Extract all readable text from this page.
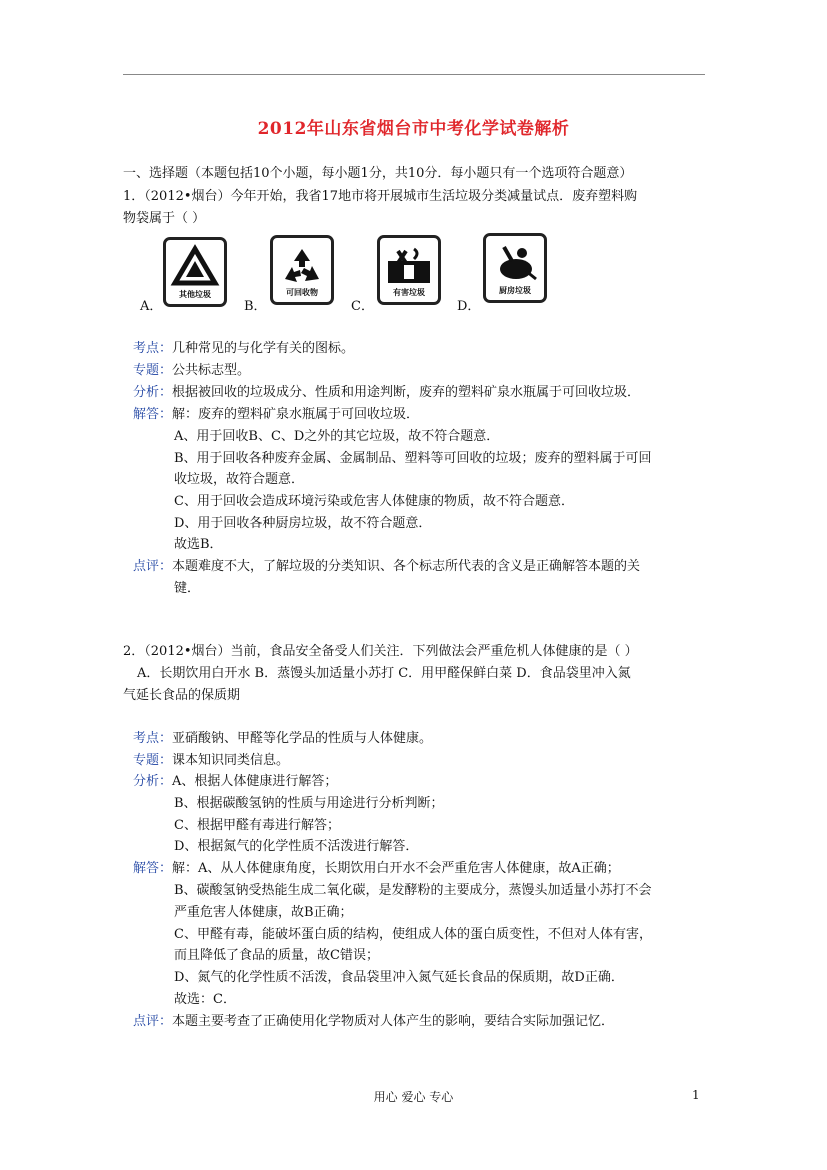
2012年山东省烟台市中考化学试卷解析
一、选择题（本题包括10个小题，每小题1分，共10分．每小题只有一个选项符合题意）
1．（2012•烟台）今年开始，我省17地市将开展城市生活垃圾分类减量试点．废弃塑料购
物袋属于（ ）
A．
其他垃圾
B．
可回收物
C．
有害垃圾
D．
厨房垃圾
考点：几种常见的与化学有关的图标。
专题：公共标志型。
分析：根据被回收的垃圾成分、性质和用途判断，废弃的塑料矿泉水瓶属于可回收垃圾．
解答：解：废弃的塑料矿泉水瓶属于可回收垃圾．
A、用于回收B、C、D之外的其它垃圾，故不符合题意．
B、用于回收各种废弃金属、金属制品、塑料等可回收的垃圾；废弃的塑料属于可回
收垃圾，故符合题意．
C、用于回收会造成环境污染或危害人体健康的物质，故不符合题意．
D、用于回收各种厨房垃圾，故不符合题意．
故选B．
点评：本题难度不大，了解垃圾的分类知识、各个标志所代表的含义是正确解答本题的关
键．
2．（2012•烟台）当前，食品安全备受人们关注．下列做法会严重危机人体健康的是（ ）
A．长期饮用白开水 B．蒸馒头加适量小苏打 C．用甲醛保鲜白菜 D．食品袋里冲入氮
气延长食品的保质期
考点：亚硝酸钠、甲醛等化学品的性质与人体健康。
专题：课本知识同类信息。
分析：A、根据人体健康进行解答；
B、根据碳酸氢钠的性质与用途进行分析判断；
C、根据甲醛有毒进行解答；
D、根据氮气的化学性质不活泼进行解答．
解答：解：A、从人体健康角度，长期饮用白开水不会严重危害人体健康，故A正确；
B、碳酸氢钠受热能生成二氧化碳，是发酵粉的主要成分，蒸馒头加适量小苏打不会
严重危害人体健康，故B正确；
C、甲醛有毒，能破坏蛋白质的结构，使组成人体的蛋白质变性，不但对人体有害，
而且降低了食品的质量，故C错误；
D、氮气的化学性质不活泼，食品袋里冲入氮气延长食品的保质期，故D正确．
故选：C．
点评：本题主要考查了正确使用化学物质对人体产生的影响，要结合实际加强记忆．
用心 爱心 专心	1
